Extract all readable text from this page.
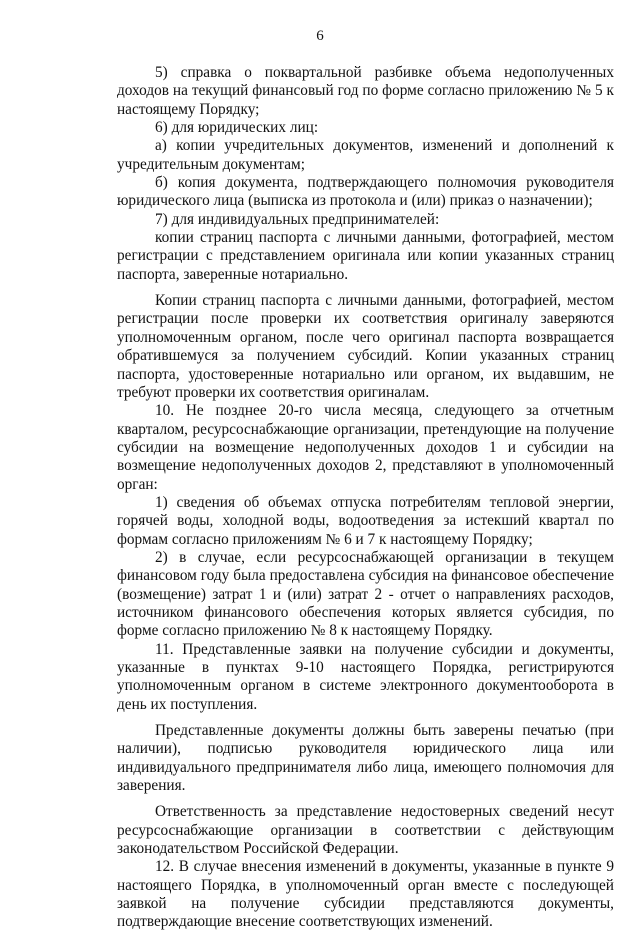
6

5) справка о поквартальной разбивке объема недополученных доходов на текущий финансовый год по форме согласно приложению № 5 к настоящему Порядку;

6) для юридических лиц:

а) копии учредительных документов, изменений и дополнений к учредительным документам;

б) копия документа, подтверждающего полномочия руководителя юридического лица (выписка из протокола и (или) приказ о назначении);

7) для индивидуальных предпринимателей:

копии страниц паспорта с личными данными, фотографией, местом регистрации с представлением оригинала или копии указанных страниц паспорта, заверенные нотариально.

Копии страниц паспорта с личными данными, фотографией, местом регистрации после проверки их соответствия оригиналу заверяются уполномоченным органом, после чего оригинал паспорта возвращается обратившемуся за получением субсидий. Копии указанных страниц паспорта, удостоверенные нотариально или органом, их выдавшим, не требуют проверки их соответствия оригиналам.

10. Не позднее 20-го числа месяца, следующего за отчетным кварталом, ресурсоснабжающие организации, претендующие на получение субсидии на возмещение недополученных доходов 1 и субсидии на возмещение недополученных доходов 2, представляют в уполномоченный орган:

1) сведения об объемах отпуска потребителям тепловой энергии, горячей воды, холодной воды, водоотведения за истекший квартал по формам согласно приложениям № 6 и 7 к настоящему Порядку;

2) в случае, если ресурсоснабжающей организации в текущем финансовом году была предоставлена субсидия на финансовое обеспечение (возмещение) затрат 1 и (или) затрат 2 - отчет о направлениях расходов, источником финансового обеспечения которых является субсидия, по форме согласно приложению № 8 к настоящему Порядку.

11. Представленные заявки на получение субсидии и документы, указанные в пунктах 9-10 настоящего Порядка, регистрируются уполномоченным органом в системе электронного документооборота в день их поступления.

Представленные документы должны быть заверены печатью (при наличии), подписью руководителя юридического лица или индивидуального предпринимателя либо лица, имеющего полномочия для заверения.

Ответственность за представление недостоверных сведений несут ресурсоснабжающие организации в соответствии с действующим законодательством Российской Федерации.

12. В случае внесения изменений в документы, указанные в пункте 9 настоящего Порядка, в уполномоченный орган вместе с последующей заявкой на получение субсидии представляются документы, подтверждающие внесение соответствующих изменений.
